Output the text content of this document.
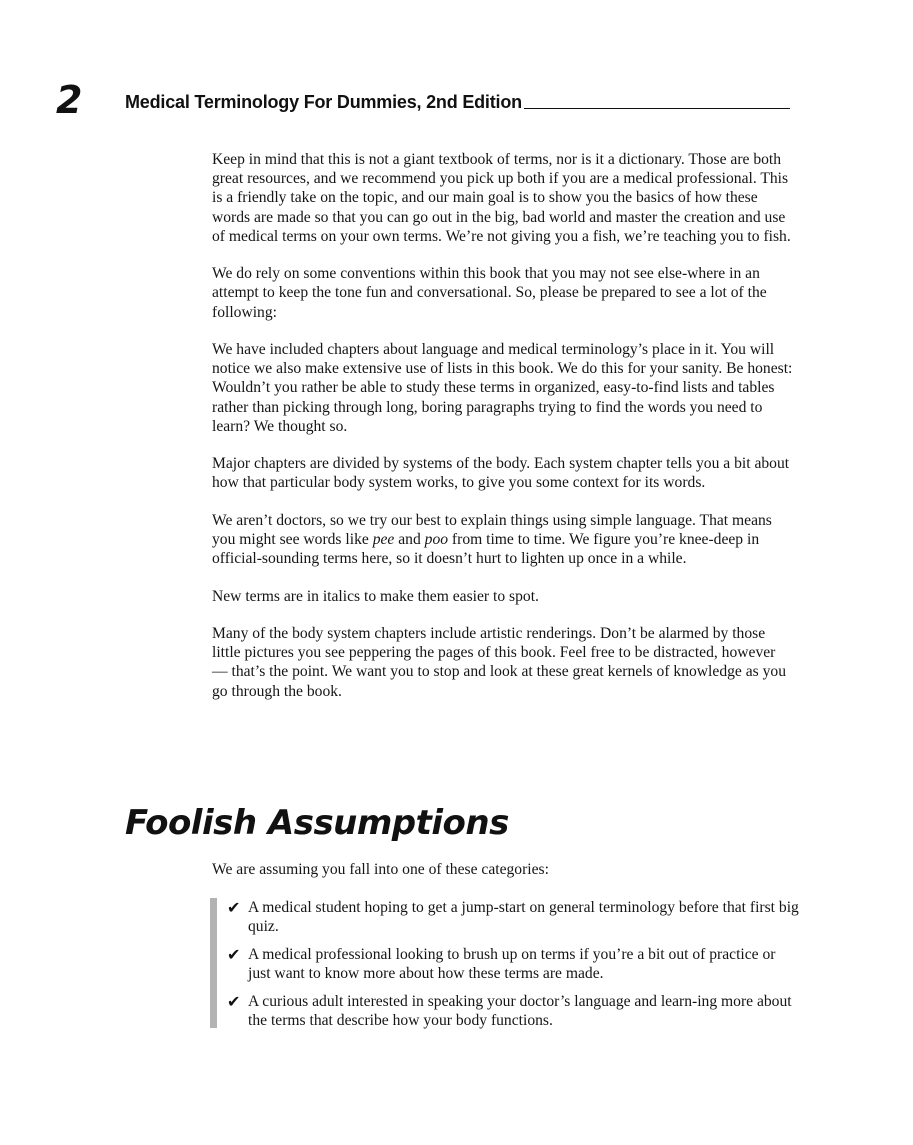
2 Medical Terminology For Dummies, 2nd Edition

Keep in mind that this is not a giant textbook of terms, nor is it a dictionary. Those are both great resources, and we recommend you pick up both if you are a medical professional. This is a friendly take on the topic, and our main goal is to show you the basics of how these words are made so that you can go out in the big, bad world and master the creation and use of medical terms on your own terms. We’re not giving you a fish, we’re teaching you to fish.

We do rely on some conventions within this book that you may not see else-where in an attempt to keep the tone fun and conversational. So, please be prepared to see a lot of the following:

We have included chapters about language and medical terminology’s place in it. You will notice we also make extensive use of lists in this book. We do this for your sanity. Be honest: Wouldn’t you rather be able to study these terms in organized, easy-to-find lists and tables rather than picking through long, boring paragraphs trying to find the words you need to learn? We thought so.

Major chapters are divided by systems of the body. Each system chapter tells you a bit about how that particular body system works, to give you some context for its words.

We aren’t doctors, so we try our best to explain things using simple language. That means you might see words like pee and poo from time to time. We figure you’re knee-deep in official-sounding terms here, so it doesn’t hurt to lighten up once in a while.

New terms are in italics to make them easier to spot.

Many of the body system chapters include artistic renderings. Don’t be alarmed by those little pictures you see peppering the pages of this book. Feel free to be distracted, however — that’s the point. We want you to stop and look at these great kernels of knowledge as you go through the book.

Foolish Assumptions

We are assuming you fall into one of these categories:

✔ A medical student hoping to get a jump-start on general terminology before that first big quiz.
✔ A medical professional looking to brush up on terms if you’re a bit out of practice or just want to know more about how these terms are made.
✔ A curious adult interested in speaking your doctor’s language and learn-ing more about the terms that describe how your body functions.
